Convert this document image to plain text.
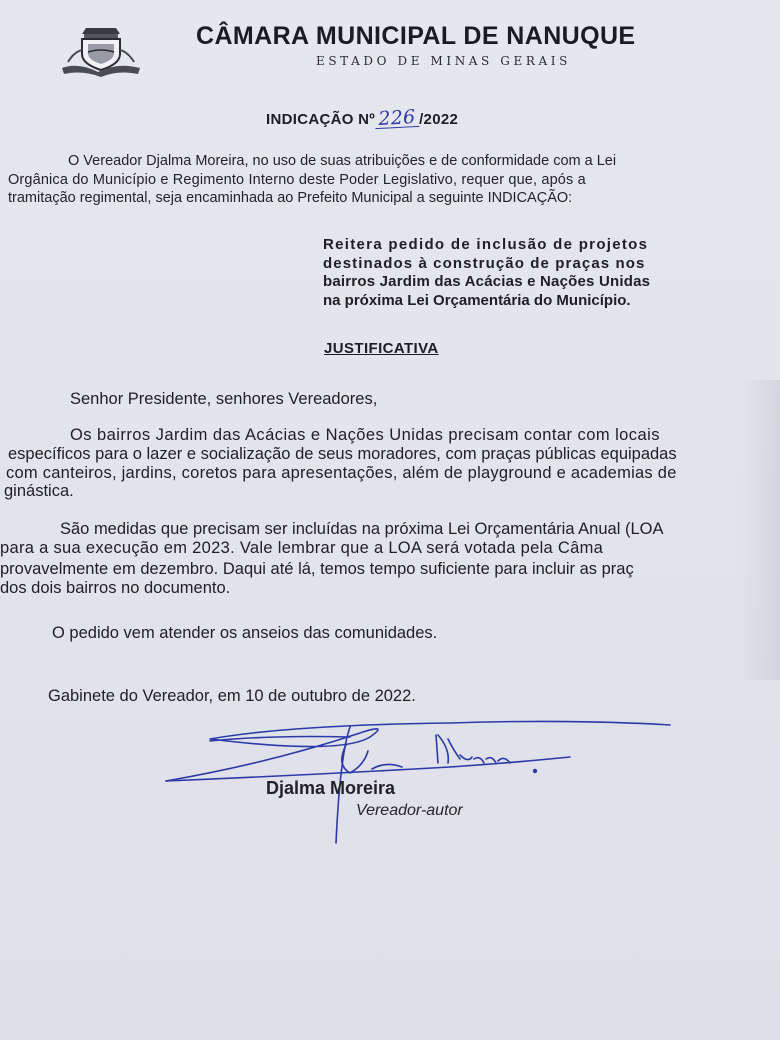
CÂMARA MUNICIPAL DE NANUQUE
ESTADO DE MINAS GERAIS
INDICAÇÃO Nº 226 /2022
O Vereador Djalma Moreira, no uso de suas atribuições e de conformidade com a Lei
Orgânica do Município e Regimento Interno deste Poder Legislativo, requer que, após a
tramitação regimental, seja encaminhada ao Prefeito Municipal a seguinte INDICAÇÃO:
Reitera pedido de inclusão de projetos
destinados à construção de praças nos
bairros Jardim das Acácias e Nações Unidas
na próxima Lei Orçamentária do Município.
JUSTIFICATIVA
Senhor Presidente, senhores Vereadores,
Os bairros Jardim das Acácias e Nações Unidas precisam contar com locais
específicos para o lazer e socialização de seus moradores, com praças públicas equipadas
com canteiros, jardins, coretos para apresentações, além de playground e academias de
ginástica.
São medidas que precisam ser incluídas na próxima Lei Orçamentária Anual (LOA
para a sua execução em 2023. Vale lembrar que a LOA será votada pela Câma
provavelmente em dezembro. Daqui até lá, temos tempo suficiente para incluir as praç
dos dois bairros no documento.
O pedido vem atender os anseios das comunidades.
Gabinete do Vereador, em 10 de outubro de 2022.
Djalma Moreira
Vereador-autor
